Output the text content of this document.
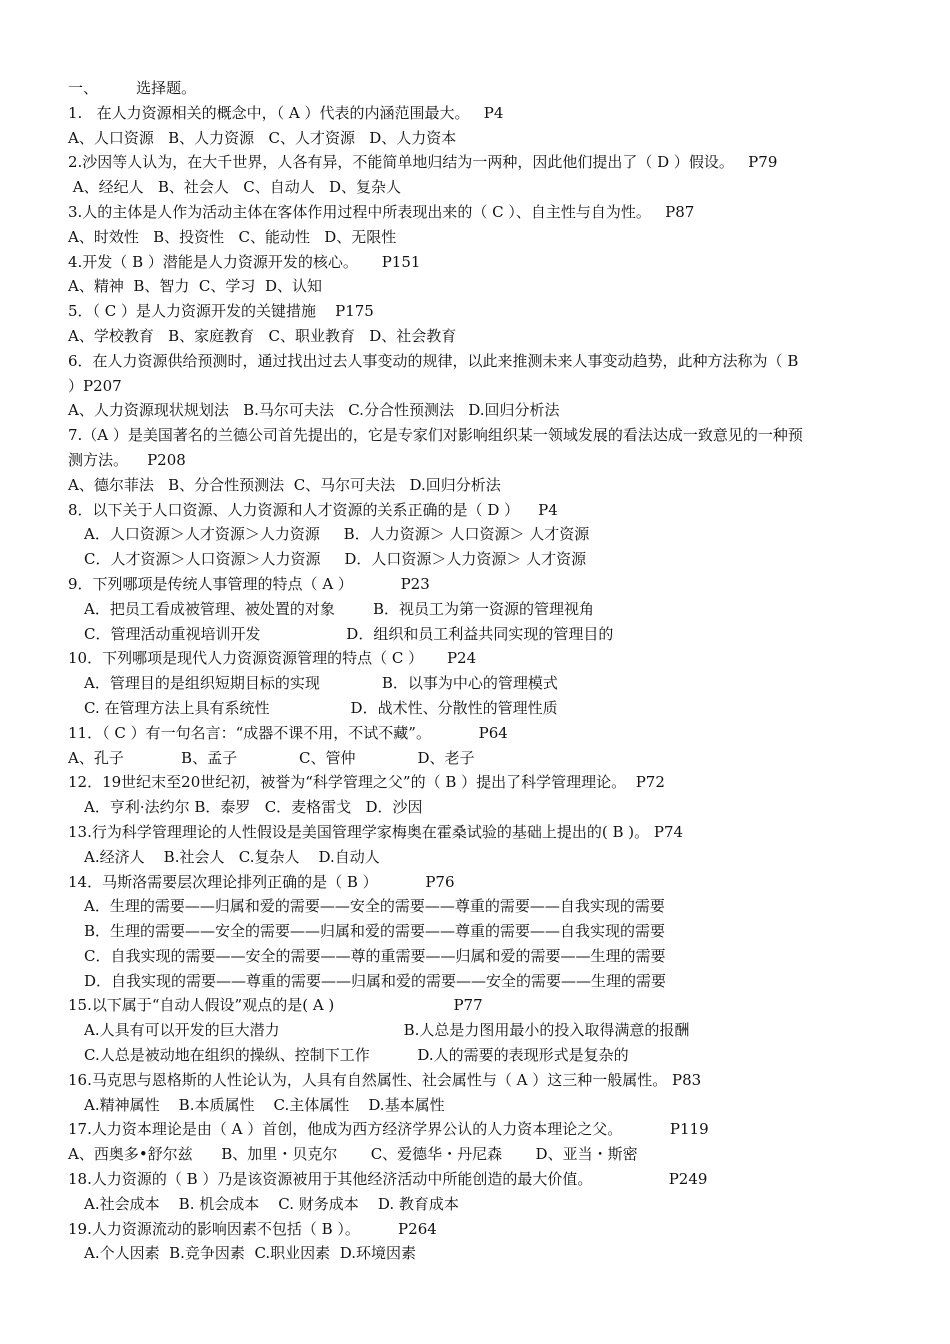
一、        选择题。
1.   在人力资源相关的概念中，（ A ）代表的内涵范围最大。   P4
A、人口资源   B、人力资源   C、人才资源   D、人力资本
2.沙因等人认为，在大千世界，人各有异，不能简单地归结为一两种，因此他们提出了（ D ）假设。   P79
A、经纪人   B、社会人   C、自动人   D、复杂人
3.人的主体是人作为活动主体在客体作用过程中所表现出来的（ C ）、自主性与自为性。   P87
A、时效性   B、投资性   C、能动性   D、无限性
4.开发（ B ）潜能是人力资源开发的核心。     P151
A、精神  B、智力  C、学习  D、认知
5．（ C ）是人力资源开发的关键措施    P175
A、学校教育   B、家庭教育   C、职业教育   D、社会教育
6．在人力资源供给预测时，通过找出过去人事变动的规律，以此来推测未来人事变动趋势，此种方法称为（ B
）P207
A、人力资源现状规划法   B.马尔可夫法   C.分合性预测法   D.回归分析法
7.（A ）是美国著名的兰德公司首先提出的，它是专家们对影响组织某一领域发展的看法达成一致意见的一种预
测方法。    P208
A、德尔菲法   B、分合性预测法  C、马尔可夫法   D.回归分析法
8．以下关于人口资源、人力资源和人才资源的关系正确的是（ D ）    P4
A．人口资源＞人才资源＞人力资源     B．人力资源＞ 人口资源＞ 人才资源
C．人才资源＞人口资源＞人力资源     D．人口资源＞人力资源＞ 人才资源
9．下列哪项是传统人事管理的特点（ A ）          P23
A．把员工看成被管理、被处置的对象        B．视员工为第一资源的管理视角
C．管理活动重视培训开发                  D．组织和员工利益共同实现的管理目的
10．下列哪项是现代人力资源资源管理的特点（ C ）     P24
A．管理目的是组织短期目标的实现             B．以事为中心的管理模式
C. 在管理方法上具有系统性                 D．战术性、分散性的管理性质
11．（ C ）有一句名言：“成器不课不用，不试不藏”。          P64
A、孔子            B、孟子             C、管仲             D、老子
12．19世纪末至20世纪初，被誉为“科学管理之父”的（ B ）提出了科学管理理论。  P72
A．亨利·法约尔 B．泰罗   C．麦格雷戈   D．沙因
13.行为科学管理理论的人性假设是美国管理学家梅奥在霍桑试验的基础上提出的( B )。 P74
A.经济人    B.社会人   C.复杂人    D.自动人
14．马斯洛需要层次理论排列正确的是（ B ）          P76
A．生理的需要——归属和爱的需要——安全的需要——尊重的需要——自我实现的需要
B．生理的需要——安全的需要——归属和爱的需要——尊重的需要——自我实现的需要
C．自我实现的需要——安全的需要——尊的重需要——归属和爱的需要——生理的需要
D．自我实现的需要——尊重的需要——归属和爱的需要——安全的需要——生理的需要
15.以下属于“自动人假设”观点的是( A )                         P77
A.人具有可以开发的巨大潜力                          B.人总是力图用最小的投入取得满意的报酬
C.人总是被动地在组织的操纵、控制下工作          D.人的需要的表现形式是复杂的
16.马克思与恩格斯的人性论认为，人具有自然属性、社会属性与（ A ）这三种一般属性。 P83
A.精神属性    B.本质属性    C.主体属性    D.基本属性
17.人力资本理论是由（ A ）首创，他成为西方经济学界公认的人力资本理论之父。          P119
A、西奥多•舒尔兹      B、加里・贝克尔       C、爱德华・丹尼森       D、亚当・斯密
18.人力资源的（ B ）乃是该资源被用于其他经济活动中所能创造的最大价值。                P249
A.社会成本    B. 机会成本    C. 财务成本    D. 教育成本
19.人力资源流动的影响因素不包括（ B ）。        P264
A.个人因素  B.竞争因素  C.职业因素  D.环境因素
